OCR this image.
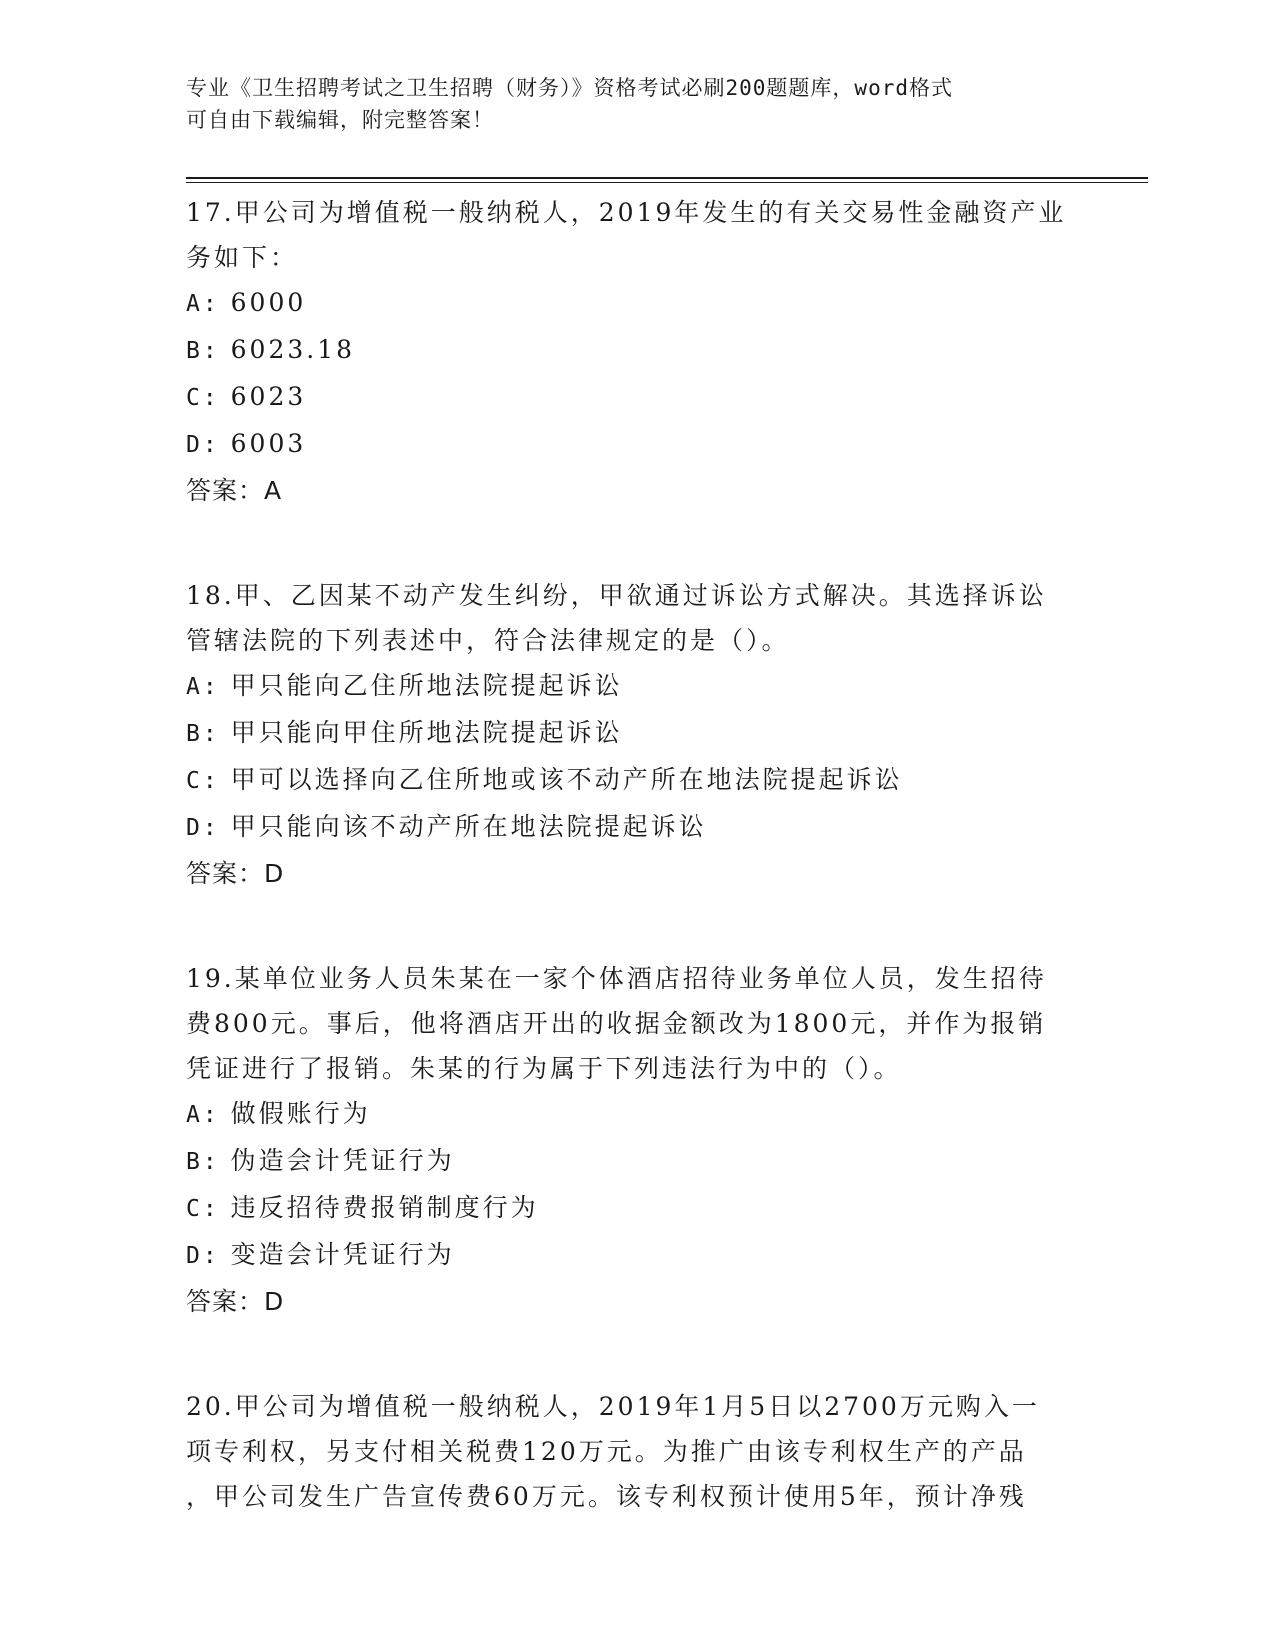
专业《卫生招聘考试之卫生招聘（财务）》资格考试必刷200题题库，word格式
可自由下载编辑，附完整答案！

17.甲公司为增值税一般纳税人，2019年发生的有关交易性金融资产业

务如下：

A: 6000

B: 6023.18

C: 6023

D: 6003

答案：A

18.甲、乙因某不动产发生纠纷，甲欲通过诉讼方式解决。其选择诉讼

管辖法院的下列表述中，符合法律规定的是（）。

A: 甲只能向乙住所地法院提起诉讼

B: 甲只能向甲住所地法院提起诉讼

C: 甲可以选择向乙住所地或该不动产所在地法院提起诉讼

D: 甲只能向该不动产所在地法院提起诉讼

答案：D

19.某单位业务人员朱某在一家个体酒店招待业务单位人员，发生招待

费800元。事后，他将酒店开出的收据金额改为1800元，并作为报销

凭证进行了报销。朱某的行为属于下列违法行为中的（）。

A: 做假账行为

B: 伪造会计凭证行为

C: 违反招待费报销制度行为

D: 变造会计凭证行为

答案：D

20.甲公司为增值税一般纳税人，2019年1月5日以2700万元购入一

项专利权，另支付相关税费120万元。为推广由该专利权生产的产品

，甲公司发生广告宣传费60万元。该专利权预计使用5年，预计净残
